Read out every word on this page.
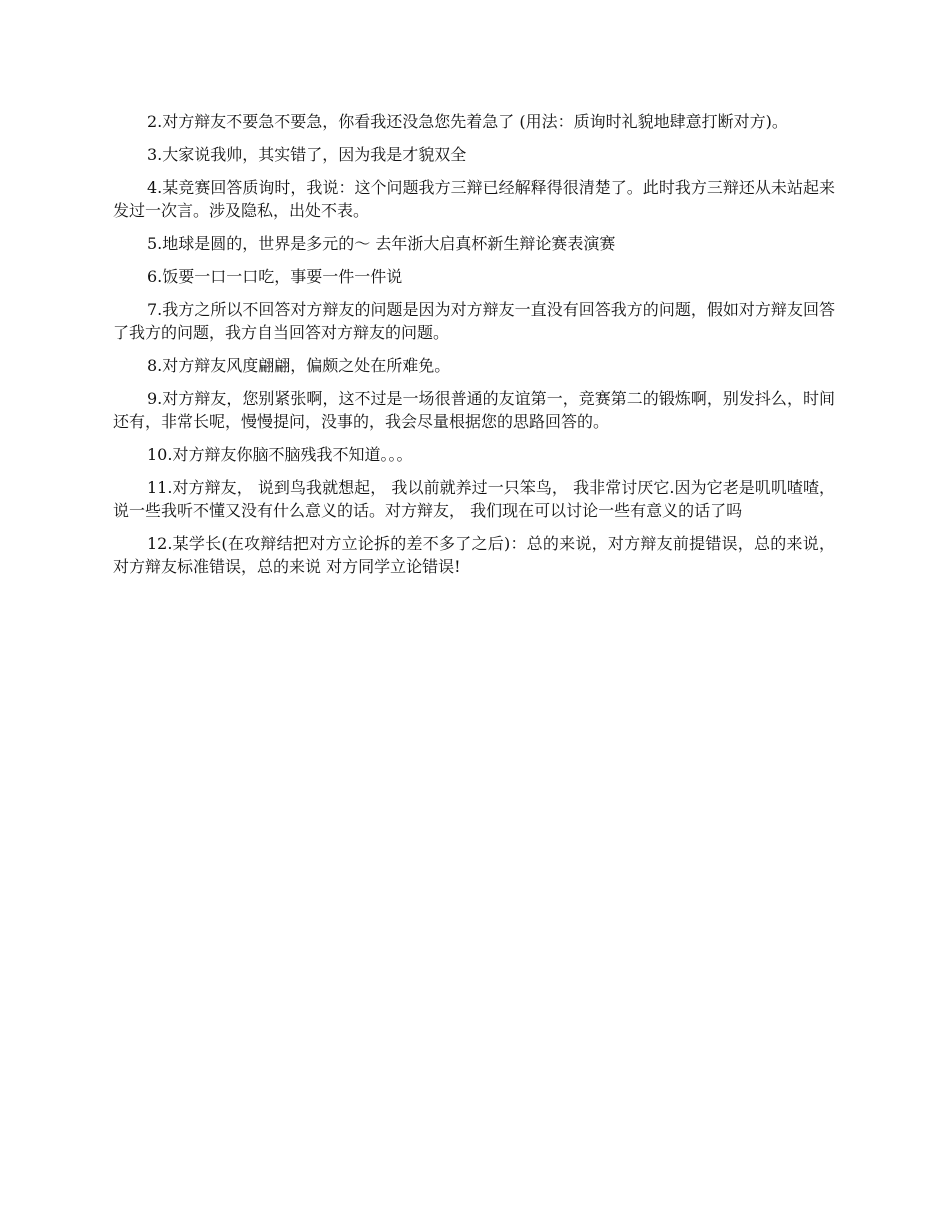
2.对方辩友不要急不要急，你看我还没急您先着急了 (用法：质询时礼貌地肆意打断对方)。

3.大家说我帅，其实错了，因为我是才貌双全

4.某竞赛回答质询时，我说：这个问题我方三辩已经解释得很清楚了。此时我方三辩还从未站起来发过一次言。涉及隐私，出处不表。

5.地球是圆的，世界是多元的～ 去年浙大启真杯新生辩论赛表演赛

6.饭要一口一口吃，事要一件一件说

7.我方之所以不回答对方辩友的问题是因为对方辩友一直没有回答我方的问题，假如对方辩友回答了我方的问题，我方自当回答对方辩友的问题。

8.对方辩友风度翩翩，偏颇之处在所难免。

9.对方辩友，您别紧张啊，这不过是一场很普通的友谊第一，竞赛第二的锻炼啊，别发抖么，时间还有，非常长呢，慢慢提问，没事的，我会尽量根据您的思路回答的。

10.对方辩友你脑不脑残我不知道。。。

11.对方辩友， 说到鸟我就想起， 我以前就养过一只笨鸟， 我非常讨厌它.因为它老是叽叽喳喳， 说一些我听不懂又没有什么意义的话。对方辩友， 我们现在可以讨论一些有意义的话了吗

12.某学长(在攻辩结把对方立论拆的差不多了之后)：总的来说，对方辩友前提错误，总的来说，对方辩友标准错误，总的来说 对方同学立论错误!
